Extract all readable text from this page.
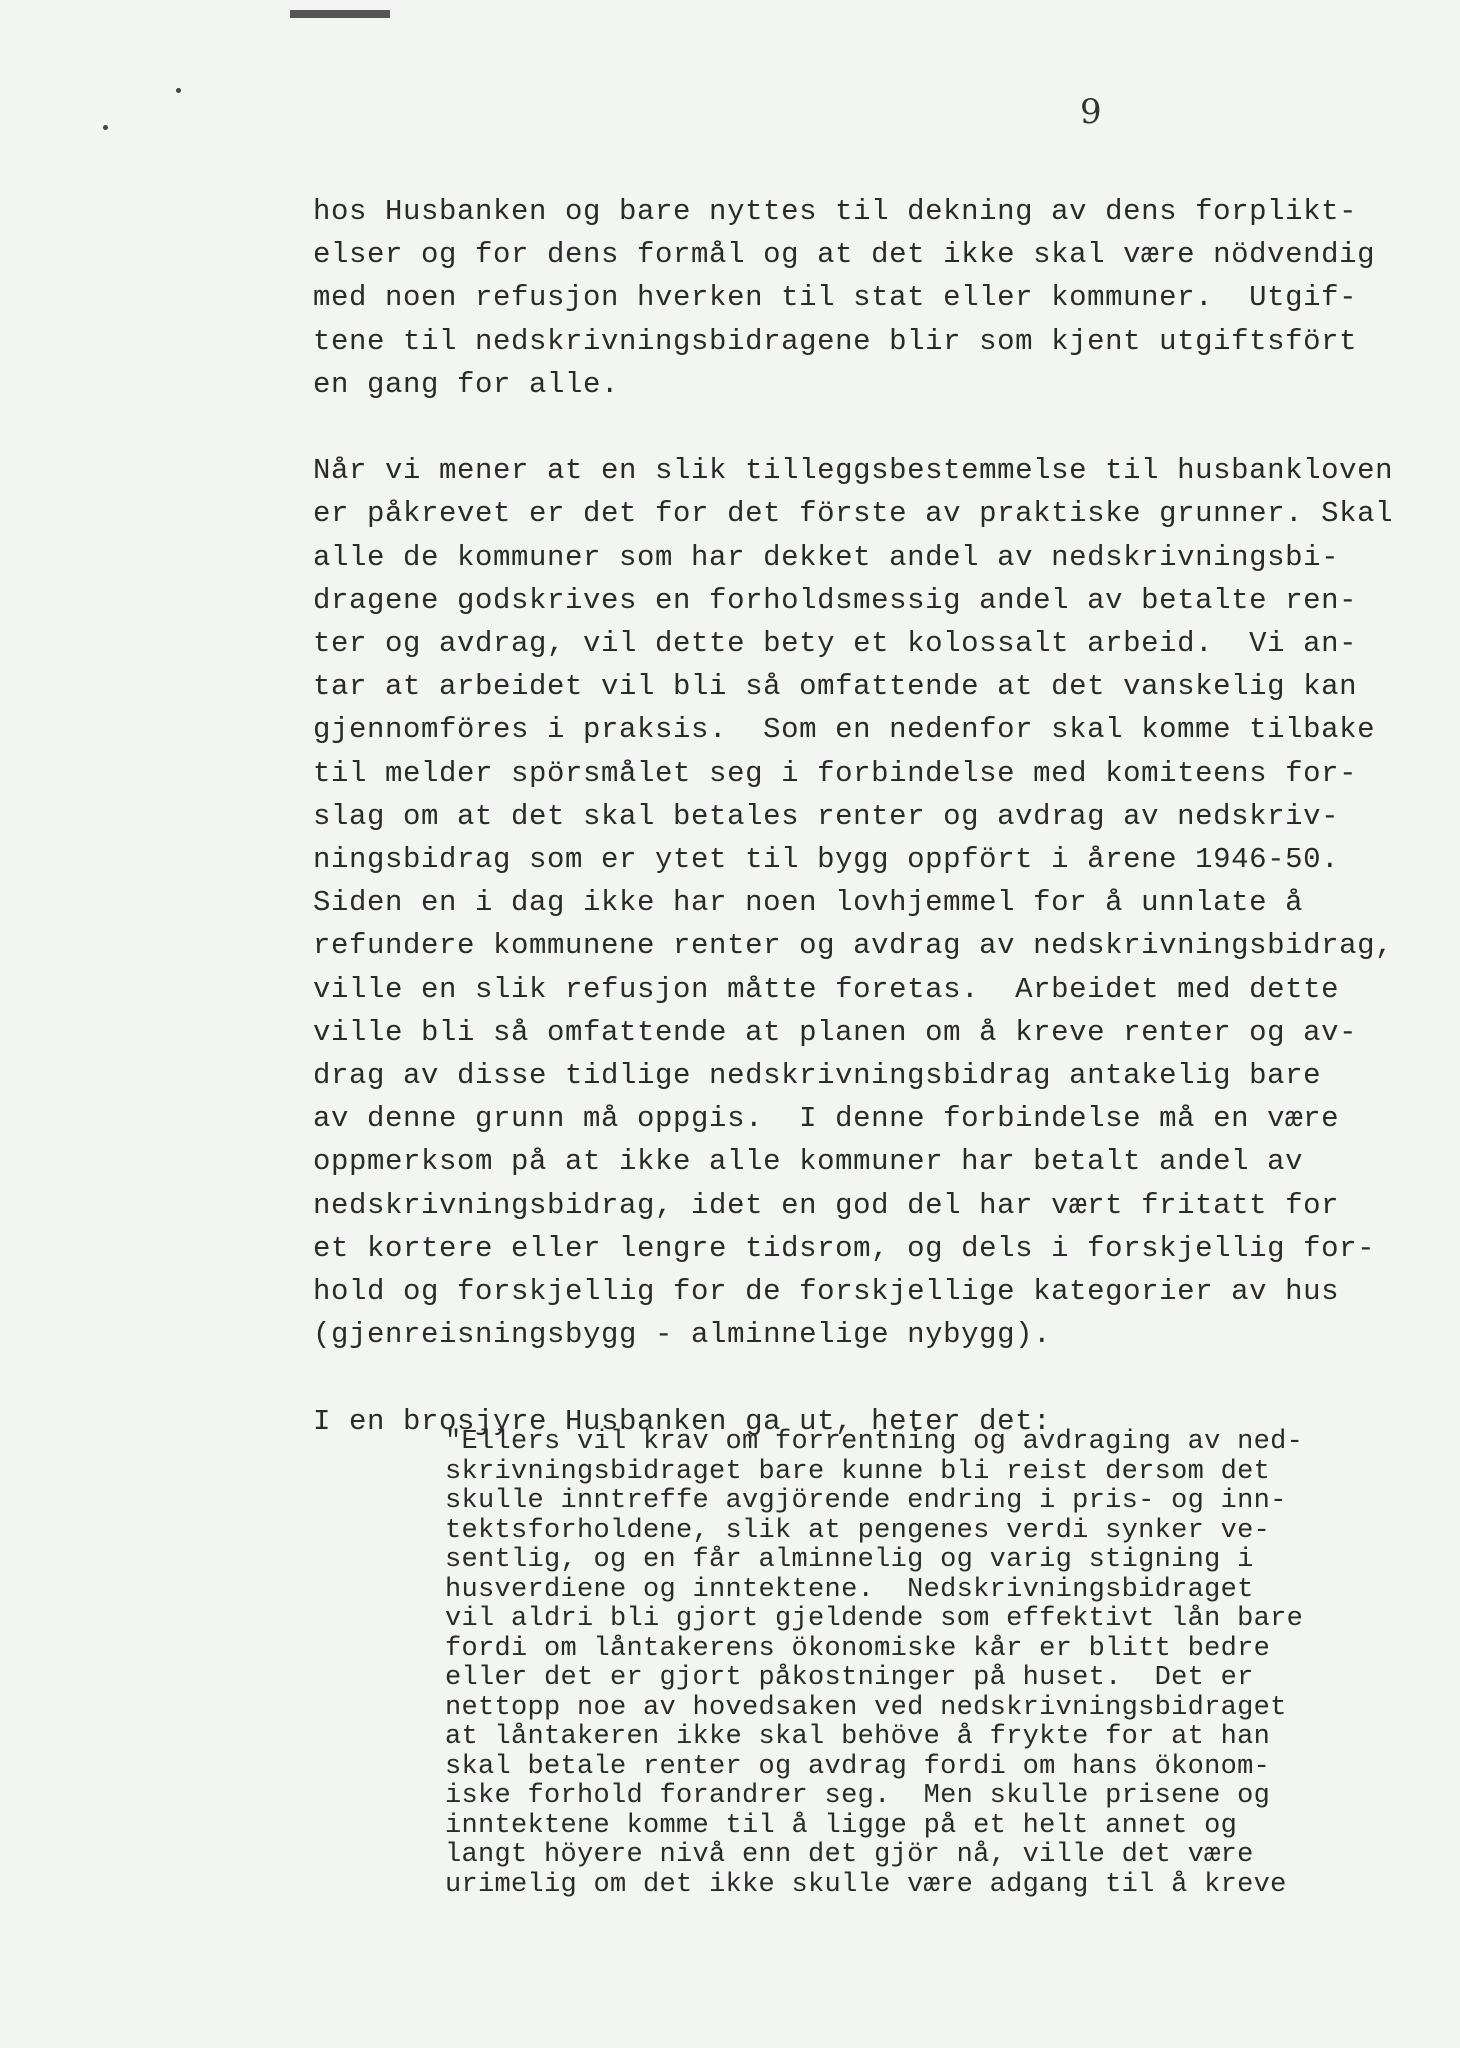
9
hos Husbanken og bare nyttes til dekning av dens forplikt-
elser og for dens formål og at det ikke skal være nödvendig
med noen refusjon hverken til stat eller kommuner.  Utgif-
tene til nedskrivningsbidragene blir som kjent utgiftsfört
en gang for alle.
Når vi mener at en slik tilleggsbestemmelse til husbankloven
er påkrevet er det for det förste av praktiske grunner. Skal
alle de kommuner som har dekket andel av nedskrivningsbi-
dragene godskrives en forholdsmessig andel av betalte ren-
ter og avdrag, vil dette bety et kolossalt arbeid.  Vi an-
tar at arbeidet vil bli så omfattende at det vanskelig kan
gjennomföres i praksis.  Som en nedenfor skal komme tilbake
til melder spörsmålet seg i forbindelse med komiteens for-
slag om at det skal betales renter og avdrag av nedskriv-
ningsbidrag som er ytet til bygg oppfört i årene 1946-50.
Siden en i dag ikke har noen lovhjemmel for å unnlate å
refundere kommunene renter og avdrag av nedskrivningsbidrag,
ville en slik refusjon måtte foretas.  Arbeidet med dette
ville bli så omfattende at planen om å kreve renter og av-
drag av disse tidlige nedskrivningsbidrag antakelig bare
av denne grunn må oppgis.  I denne forbindelse må en være
oppmerksom på at ikke alle kommuner har betalt andel av
nedskrivningsbidrag, idet en god del har vært fritatt for
et kortere eller lengre tidsrom, og dels i forskjellig for-
hold og forskjellig for de forskjellige kategorier av hus
(gjenreisningsbygg - alminnelige nybygg).
I en brosjyre Husbanken ga ut, heter det:
"Ellers vil krav om forrentning og avdraging av ned-
skrivningsbidraget bare kunne bli reist dersom det
skulle inntreffe avgjörende endring i pris- og inn-
tektsforholdene, slik at pengenes verdi synker ve-
sentlig, og en får alminnelig og varig stigning i
husverdiene og inntektene.  Nedskrivningsbidraget
vil aldri bli gjort gjeldende som effektivt lån bare
fordi om låntakerens ökonomiske kår er blitt bedre
eller det er gjort påkostninger på huset.  Det er
nettopp noe av hovedsaken ved nedskrivningsbidraget
at låntakeren ikke skal behöve å frykte for at han
skal betale renter og avdrag fordi om hans ökonom-
iske forhold forandrer seg.  Men skulle prisene og
inntektene komme til å ligge på et helt annet og
langt höyere nivå enn det gjör nå, ville det være
urimelig om det ikke skulle være adgang til å kreve
